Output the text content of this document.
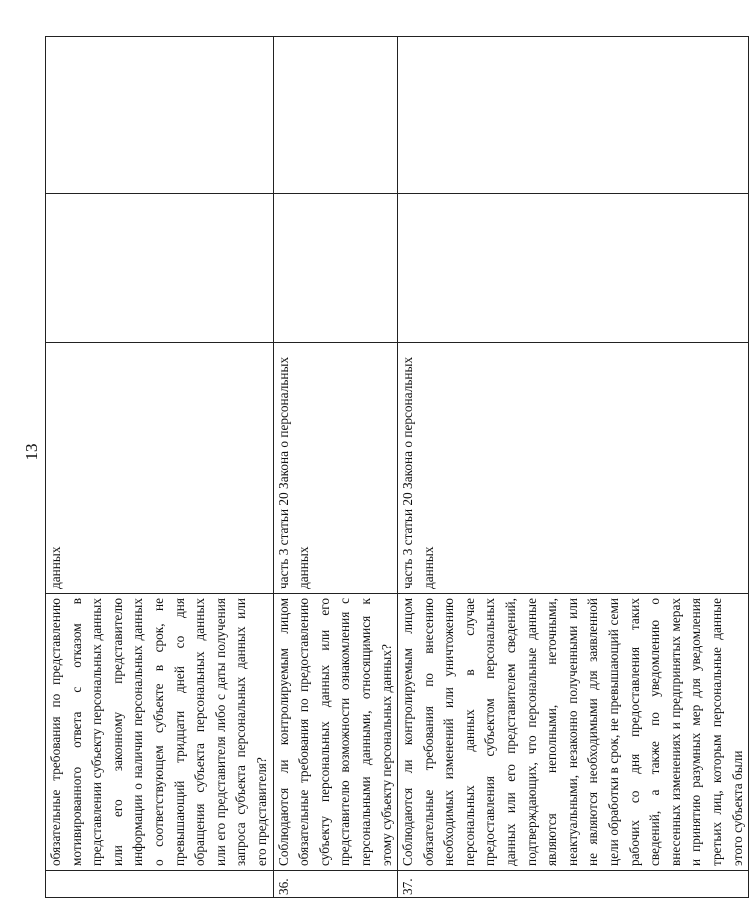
13
	обязательные требования по представлению мотивированного ответа с отказом в представлении субъекту персональных данных или его законному представителю информации о наличии персональных данных о соответствующем субъекте в срок, не превышающий тридцати дней со дня обращения субъекта персональных данных или его представителя либо с даты получения запроса субъекта персональных данных или его представителя?	данных		
36.	Соблюдаются ли контролируемым лицом обязательные требования по предоставлению субъекту персональных данных или его представителю возможности ознакомления с персональными данными, относящимися к этому субъекту персональных данных?	часть 3 статьи 20 Закона о персональных данных		
37.	Соблюдаются ли контролируемым лицом обязательные требования по внесению необходимых изменений или уничтожению персональных данных в случае предоставления субъектом персональных данных или его представителем сведений, подтверждающих, что персональные данные являются неполными, неточными, неактуальными, незаконно полученными или не являются необходимыми для заявленной цели обработки в срок, не превышающий семи рабочих со дня предоставления таких сведений, а также по уведомлению о внесенных изменениях и предпринятых мерах и принятию разумных мер для уведомления третьих лиц, которым персональные данные этого субъекта были	часть 3 статьи 20 Закона о персональных данных		
